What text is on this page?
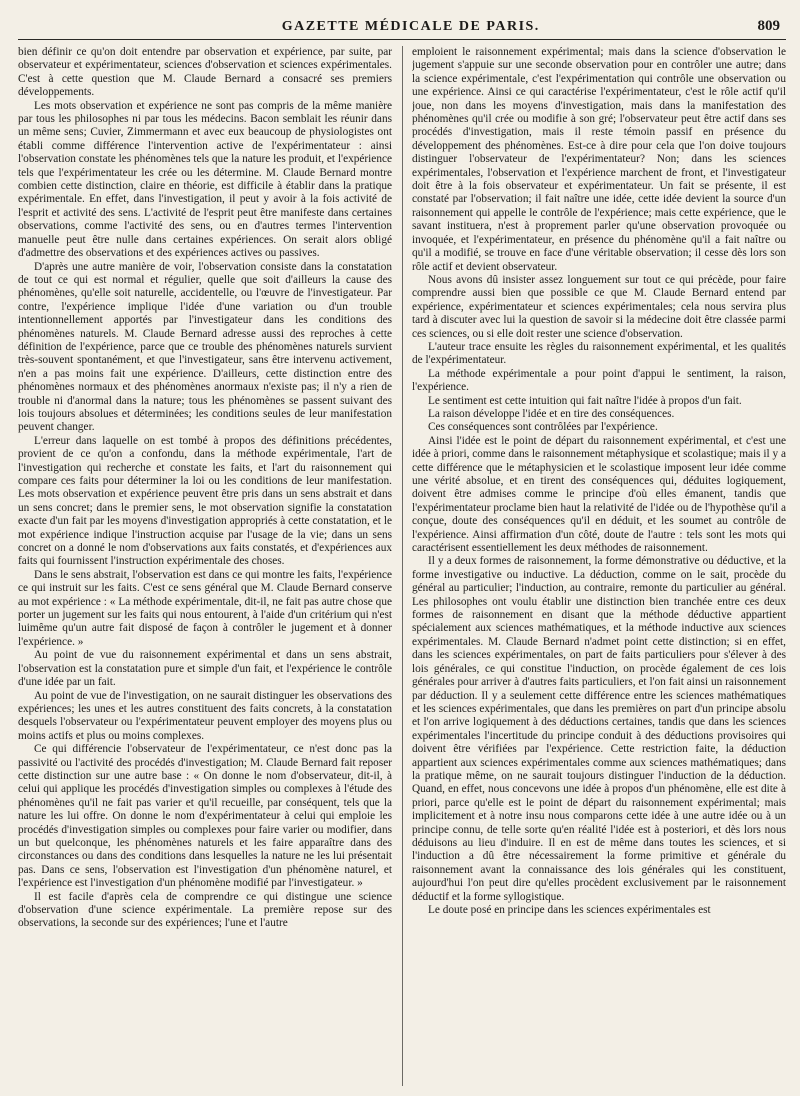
GAZETTE MÉDICALE DE PARIS.	809

bien définir ce qu'on doit entendre par observation et expérience, par suite, par observateur et expérimentateur, sciences d'observation et sciences expérimentales. C'est à cette question que M. Claude Bernard a consacré ses premiers développements.

Les mots observation et expérience ne sont pas compris de la même manière par tous les philosophes ni par tous les médecins. Bacon semblait les réunir dans un même sens; Cuvier, Zimmermann et avec eux beaucoup de physiologistes ont établi comme différence l'intervention active de l'expérimentateur : ainsi l'observation constate les phénomènes tels que la nature les produit, et l'expérience tels que l'expérimentateur les crée ou les détermine. M. Claude Bernard montre combien cette distinction, claire en théorie, est difficile à établir dans la pratique expérimentale. En effet, dans l'investigation, il peut y avoir à la fois activité de l'esprit et activité des sens. L'activité de l'esprit peut être manifeste dans certaines observations, comme l'activité des sens, ou en d'autres termes l'intervention manuelle peut être nulle dans certaines expériences. On serait alors obligé d'admettre des observations et des expériences actives ou passives.

D'après une autre manière de voir, l'observation consiste dans la constatation de tout ce qui est normal et régulier, quelle que soit d'ailleurs la cause des phénomènes, qu'elle soit naturelle, accidentelle, ou l'œuvre de l'investigateur. Par contre, l'expérience implique l'idée d'une variation ou d'un trouble intentionnellement apportés par l'investigateur dans les conditions des phénomènes naturels. M. Claude Bernard adresse aussi des reproches à cette définition de l'expérience, parce que ce trouble des phénomènes naturels survient très-souvent spontanément, et que l'investigateur, sans être intervenu activement, n'en a pas moins fait une expérience. D'ailleurs, cette distinction entre des phénomènes normaux et des phénomènes anormaux n'existe pas; il n'y a rien de trouble ni d'anormal dans la nature; tous les phénomènes se passent suivant des lois toujours absolues et déterminées; les conditions seules de leur manifestation peuvent changer.

L'erreur dans laquelle on est tombé à propos des définitions précédentes, provient de ce qu'on a confondu, dans la méthode expérimentale, l'art de l'investigation qui recherche et constate les faits, et l'art du raisonnement qui compare ces faits pour déterminer la loi ou les conditions de leur manifestation. Les mots observation et expérience peuvent être pris dans un sens abstrait et dans un sens concret; dans le premier sens, le mot observation signifie la constatation exacte d'un fait par les moyens d'investigation appropriés à cette constatation, et le mot expérience indique l'instruction acquise par l'usage de la vie; dans un sens concret on a donné le nom d'observations aux faits constatés, et d'expériences aux faits qui fournissent l'instruction expérimentale des choses.

Dans le sens abstrait, l'observation est dans ce qui montre les faits, l'expérience ce qui instruit sur les faits. C'est ce sens général que M. Claude Bernard conserve au mot expérience : « La méthode expérimentale, dit-il, ne fait pas autre chose que porter un jugement sur les faits qui nous entourent, à l'aide d'un critérium qui n'est luimême qu'un autre fait disposé de façon à contrôler le jugement et à donner l'expérience. »

Au point de vue du raisonnement expérimental et dans un sens abstrait, l'observation est la constatation pure et simple d'un fait, et l'expérience le contrôle d'une idée par un fait.

Au point de vue de l'investigation, on ne saurait distinguer les observations des expériences; les unes et les autres constituent des faits concrets, à la constatation desquels l'observateur ou l'expérimentateur peuvent employer des moyens plus ou moins actifs et plus ou moins complexes.

Ce qui différencie l'observateur de l'expérimentateur, ce n'est donc pas la passivité ou l'activité des procédés d'investigation; M. Claude Bernard fait reposer cette distinction sur une autre base : « On donne le nom d'observateur, dit-il, à celui qui applique les procédés d'investigation simples ou complexes à l'étude des phénomènes qu'il ne fait pas varier et qu'il recueille, par conséquent, tels que la nature les lui offre. On donne le nom d'expérimentateur à celui qui emploie les procédés d'investigation simples ou complexes pour faire varier ou modifier, dans un but quelconque, les phénomènes naturels et les faire apparaître dans des circonstances ou dans des conditions dans lesquelles la nature ne les lui présentait pas. Dans ce sens, l'observation est l'investigation d'un phénomène naturel, et l'expérience est l'investigation d'un phénomène modifié par l'investigateur. »

Il est facile d'après cela de comprendre ce qui distingue une science d'observation d'une science expérimentale. La première repose sur des observations, la seconde sur des expériences; l'une et l'autre

emploient le raisonnement expérimental; mais dans la science d'observation le jugement s'appuie sur une seconde observation pour en contrôler une autre; dans la science expérimentale, c'est l'expérimentation qui contrôle une observation ou une expérience. Ainsi ce qui caractérise l'expérimentateur, c'est le rôle actif qu'il joue, non dans les moyens d'investigation, mais dans la manifestation des phénomènes qu'il crée ou modifie à son gré; l'observateur peut être actif dans ses procédés d'investigation, mais il reste témoin passif en présence du développement des phénomènes. Est-ce à dire pour cela que l'on doive toujours distinguer l'observateur de l'expérimentateur? Non; dans les sciences expérimentales, l'observation et l'expérience marchent de front, et l'investigateur doit être à la fois observateur et expérimentateur. Un fait se présente, il est constaté par l'observation; il fait naître une idée, cette idée devient la source d'un raisonnement qui appelle le contrôle de l'expérience; mais cette expérience, que le savant instituera, n'est à proprement parler qu'une observation provoquée ou invoquée, et l'expérimentateur, en présence du phénomène qu'il a fait naître ou qu'il a modifié, se trouve en face d'une véritable observation; il cesse dès lors son rôle actif et devient observateur.

Nous avons dû insister assez longuement sur tout ce qui précède, pour faire comprendre aussi bien que possible ce que M. Claude Bernard entend par expérience, expérimentateur et sciences expérimentales; cela nous servira plus tard à discuter avec lui la question de savoir si la médecine doit être classée parmi ces sciences, ou si elle doit rester une science d'observation.

L'auteur trace ensuite les règles du raisonnement expérimental, et les qualités de l'expérimentateur.

La méthode expérimentale a pour point d'appui le sentiment, la raison, l'expérience.

Le sentiment est cette intuition qui fait naître l'idée à propos d'un fait.

La raison développe l'idée et en tire des conséquences.

Ces conséquences sont contrôlées par l'expérience.

Ainsi l'idée est le point de départ du raisonnement expérimental, et c'est une idée à priori, comme dans le raisonnement métaphysique et scolastique; mais il y a cette différence que le métaphysicien et le scolastique imposent leur idée comme une vérité absolue, et en tirent des conséquences qui, déduites logiquement, doivent être admises comme le principe d'où elles émanent, tandis que l'expérimentateur proclame bien haut la relativité de l'idée ou de l'hypothèse qu'il a conçue, doute des conséquences qu'il en déduit, et les soumet au contrôle de l'expérience. Ainsi affirmation d'un côté, doute de l'autre : tels sont les mots qui caractérisent essentiellement les deux méthodes de raisonnement.

Il y a deux formes de raisonnement, la forme démonstrative ou déductive, et la forme investigative ou inductive. La déduction, comme on le sait, procède du général au particulier; l'induction, au contraire, remonte du particulier au général. Les philosophes ont voulu établir une distinction bien tranchée entre ces deux formes de raisonnement en disant que la méthode déductive appartient spécialement aux sciences mathématiques, et la méthode inductive aux sciences expérimentales. M. Claude Bernard n'admet point cette distinction; si en effet, dans les sciences expérimentales, on part de faits particuliers pour s'élever à des lois générales, ce qui constitue l'induction, on procède également de ces lois générales pour arriver à d'autres faits particuliers, et l'on fait ainsi un raisonnement par déduction. Il y a seulement cette différence entre les sciences mathématiques et les sciences expérimentales, que dans les premières on part d'un principe absolu et l'on arrive logiquement à des déductions certaines, tandis que dans les sciences expérimentales l'incertitude du principe conduit à des déductions provisoires qui doivent être vérifiées par l'expérience. Cette restriction faite, la déduction appartient aux sciences expérimentales comme aux sciences mathématiques; dans la pratique même, on ne saurait toujours distinguer l'induction de la déduction. Quand, en effet, nous concevons une idée à propos d'un phénomène, elle est dite à priori, parce qu'elle est le point de départ du raisonnement expérimental; mais implicitement et à notre insu nous comparons cette idée à une autre idée ou à un principe connu, de telle sorte qu'en réalité l'idée est à posteriori, et dès lors nous déduisons au lieu d'induire. Il en est de même dans toutes les sciences, et si l'induction a dû être nécessairement la forme primitive et générale du raisonnement avant la connaissance des lois générales qui les constituent, aujourd'hui l'on peut dire qu'elles procèdent exclusivement par le raisonnement déductif et la forme syllogistique.

Le doute posé en principe dans les sciences expérimentales est
